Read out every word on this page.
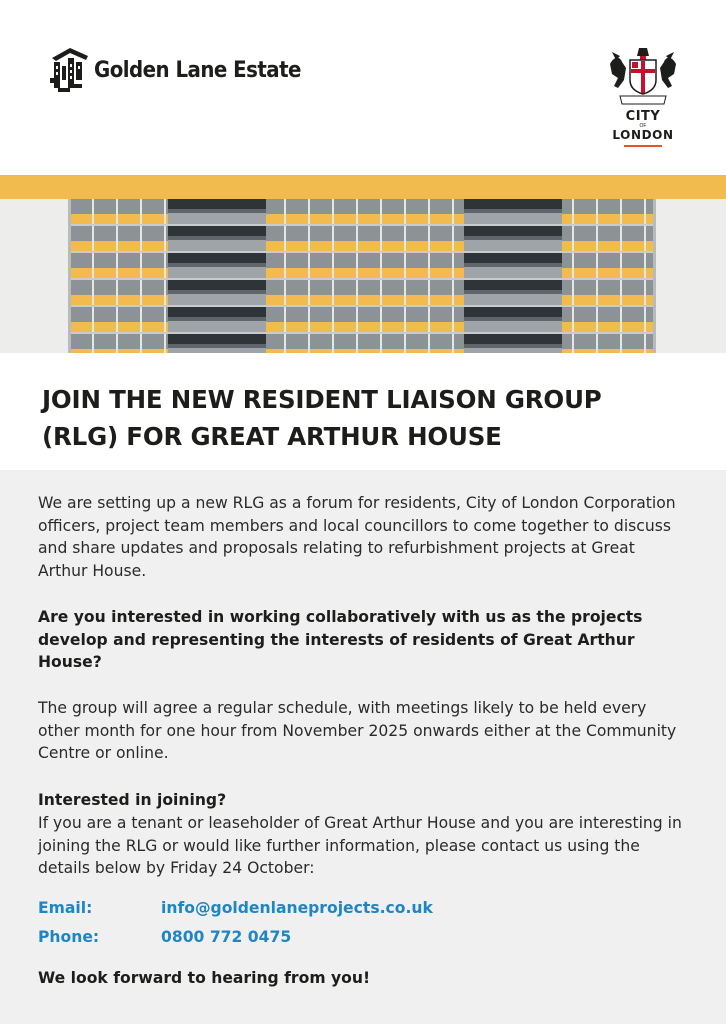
Golden Lane Estate
CITY
OF
LONDON
JOIN THE NEW RESIDENT LIAISON GROUP
(RLG) FOR GREAT ARTHUR HOUSE

We are setting up a new RLG as a forum for residents, City of London Corporation officers, project team members and local councillors to come together to discuss and share updates and proposals relating to refurbishment projects at Great Arthur House.

Are you interested in working collaboratively with us as the projects develop and representing the interests of residents of Great Arthur House?

The group will agree a regular schedule, with meetings likely to be held every other month for one hour from November 2025 onwards either at the Community Centre or online.

Interested in joining?

If you are a tenant or leaseholder of Great Arthur House and you are interesting in joining the RLG or would like further information, please contact us using the details below by Friday 24 October:

Email:	info@goldenlaneprojects.co.uk
Phone:	0800 772 0475

We look forward to hearing from you!
